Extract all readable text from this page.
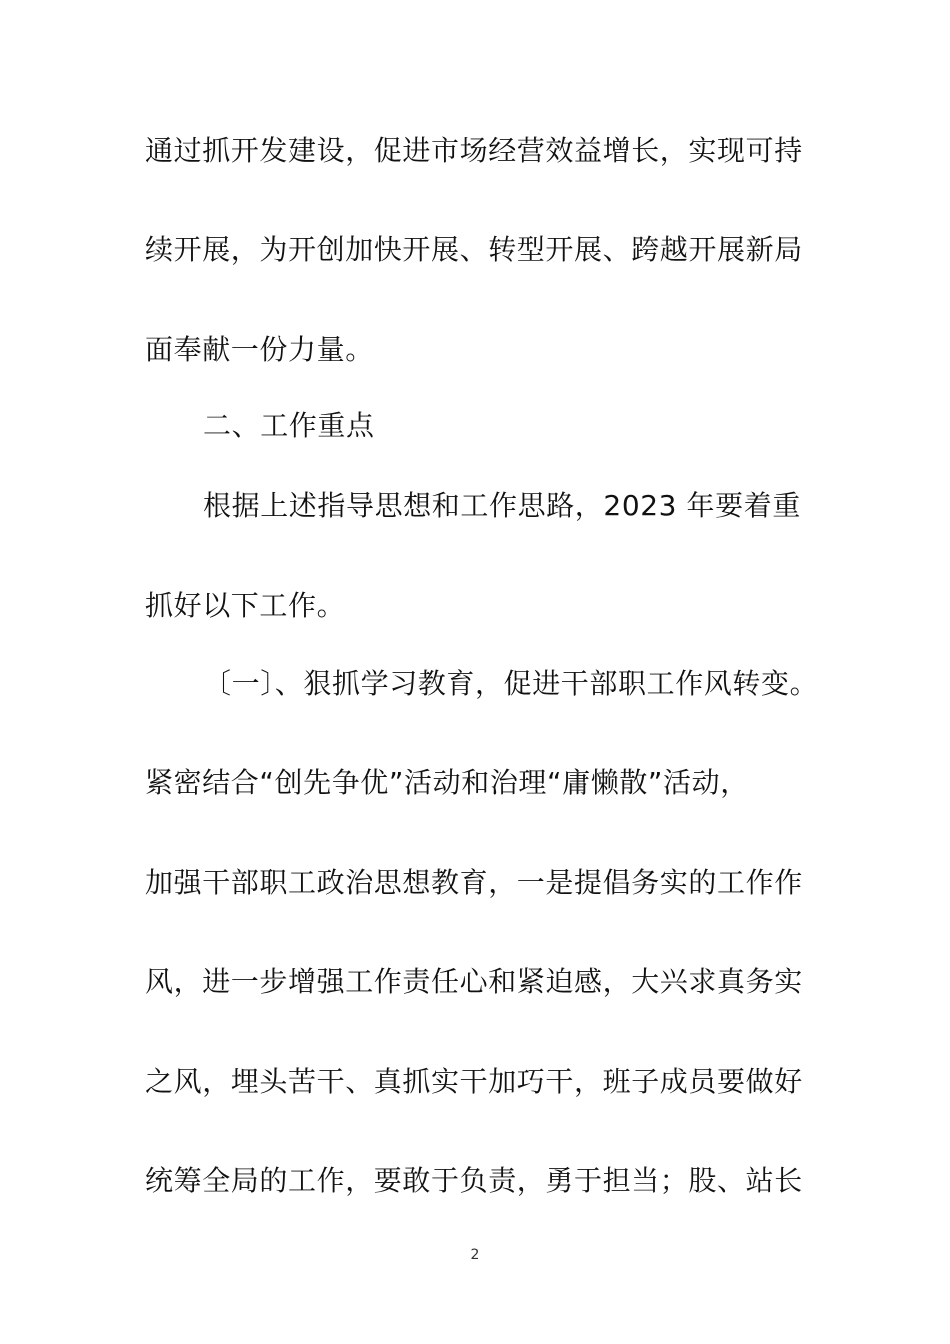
通过抓开发建设，促进市场经营效益增长，实现可持
续开展，为开创加快开展、转型开展、跨越开展新局
面奉献一份力量。
二、工作重点
根据上述指导思想和工作思路，2023 年要着重
抓好以下工作。
〔一〕、狠抓学习教育，促进干部职工作风转变。
紧密结合“创先争优”活动和治理“庸懒散”活动，
加强干部职工政治思想教育，一是提倡务实的工作作
风，进一步增强工作责任心和紧迫感，大兴求真务实
之风，埋头苦干、真抓实干加巧干，班子成员要做好
统筹全局的工作，要敢于负责，勇于担当；股、站长
2
